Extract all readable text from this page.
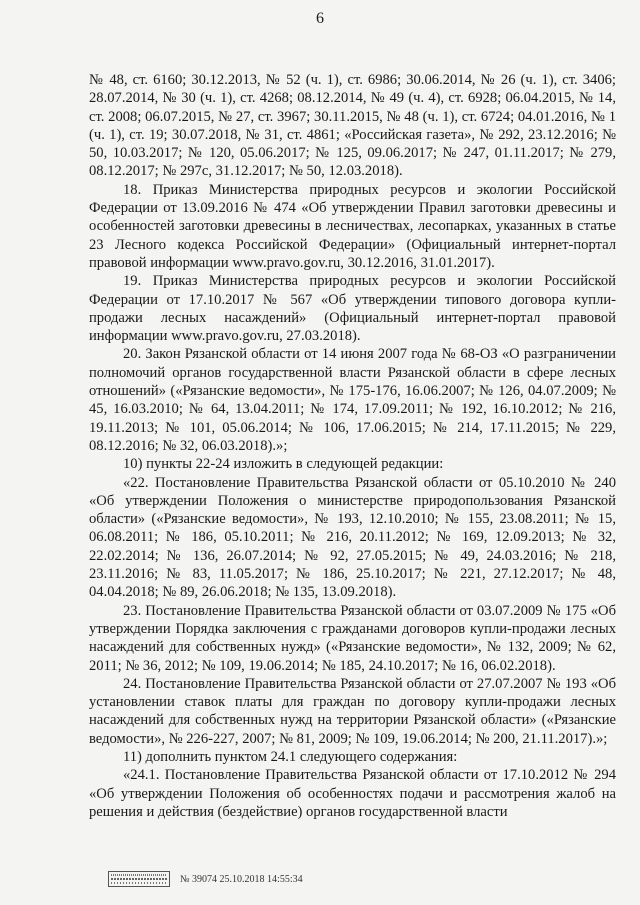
6

№ 48, ст. 6160; 30.12.2013, № 52 (ч. 1), ст. 6986; 30.06.2014, № 26 (ч. 1), ст. 3406; 28.07.2014, № 30 (ч. 1), ст. 4268; 08.12.2014, № 49 (ч. 4), ст. 6928; 06.04.2015, № 14, ст. 2008; 06.07.2015, № 27, ст. 3967; 30.11.2015, № 48 (ч. 1), ст. 6724; 04.01.2016, № 1 (ч. 1), ст. 19; 30.07.2018, № 31, ст. 4861; «Российская газета», № 292, 23.12.2016; № 50, 10.03.2017; № 120, 05.06.2017; № 125, 09.06.2017; № 247, 01.11.2017; № 279, 08.12.2017; № 297с, 31.12.2017; № 50, 12.03.2018).

18. Приказ Министерства природных ресурсов и экологии Российской Федерации от 13.09.2016 № 474 «Об утверждении Правил заготовки древесины и особенностей заготовки древесины в лесничествах, лесопарках, указанных в статье 23 Лесного кодекса Российской Федерации» (Официальный интернет-портал правовой информации www.pravo.gov.ru, 30.12.2016, 31.01.2017).

19. Приказ Министерства природных ресурсов и экологии Российской Федерации от 17.10.2017 № 567 «Об утверждении типового договора купли-продажи лесных насаждений» (Официальный интернет-портал правовой информации www.pravo.gov.ru, 27.03.2018).

20. Закон Рязанской области от 14 июня 2007 года № 68-ОЗ «О разграничении полномочий органов государственной власти Рязанской области в сфере лесных отношений» («Рязанские ведомости», № 175-176, 16.06.2007; № 126, 04.07.2009; № 45, 16.03.2010; № 64, 13.04.2011; № 174, 17.09.2011; № 192, 16.10.2012; № 216, 19.11.2013; № 101, 05.06.2014; № 106, 17.06.2015; № 214, 17.11.2015; № 229, 08.12.2016; № 32, 06.03.2018).»;

10) пункты 22-24 изложить в следующей редакции:

«22. Постановление Правительства Рязанской области от 05.10.2010 № 240 «Об утверждении Положения о министерстве природопользования Рязанской области» («Рязанские ведомости», № 193, 12.10.2010; № 155, 23.08.2011; № 15, 06.08.2011; № 186, 05.10.2011; № 216, 20.11.2012; № 169, 12.09.2013; № 32, 22.02.2014; № 136, 26.07.2014; № 92, 27.05.2015; № 49, 24.03.2016; № 218, 23.11.2016; № 83, 11.05.2017; № 186, 25.10.2017; № 221, 27.12.2017; № 48, 04.04.2018; № 89, 26.06.2018; № 135, 13.09.2018).

23. Постановление Правительства Рязанской области от 03.07.2009 № 175 «Об утверждении Порядка заключения с гражданами договоров купли-продажи лесных насаждений для собственных нужд» («Рязанские ведомости», № 132, 2009; № 62, 2011; № 36, 2012; № 109, 19.06.2014; № 185, 24.10.2017; № 16, 06.02.2018).

24. Постановление Правительства Рязанской области от 27.07.2007 № 193 «Об установлении ставок платы для граждан по договору купли-продажи лесных насаждений для собственных нужд на территории Рязанской области» («Рязанские ведомости», № 226-227, 2007; № 81, 2009; № 109, 19.06.2014; № 200, 21.11.2017).»;

11) дополнить пунктом 24.1 следующего содержания:

«24.1. Постановление Правительства Рязанской области от 17.10.2012 № 294 «Об утверждении Положения об особенностях подачи и рассмотрения жалоб на решения и действия (бездействие) органов государственной власти

№ 39074 25.10.2018 14:55:34
